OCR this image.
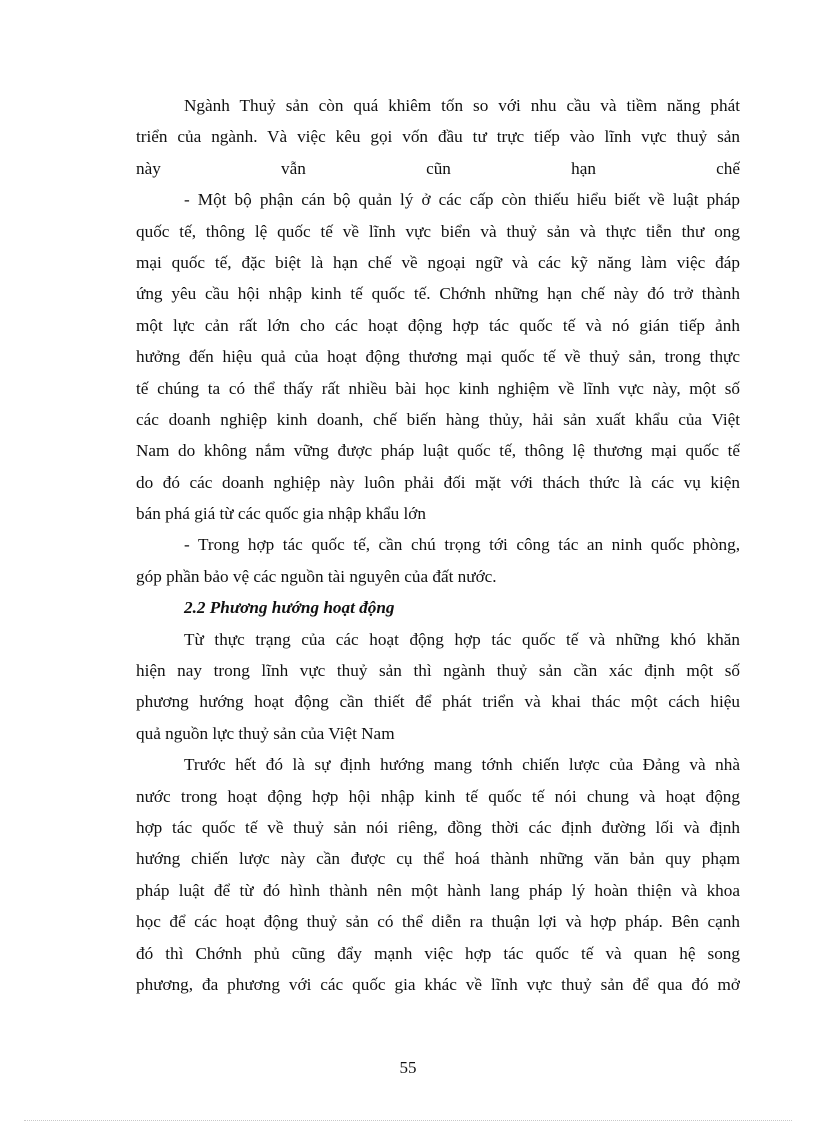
Ngành Thuỷ sản còn quá khiêm tốn so với nhu cầu và tiềm năng phát
triển của ngành. Và việc kêu gọi vốn đầu tư trực tiếp vào lĩnh vực thuỷ sản
này vẫn cũn hạn chế
- Một bộ phận cán bộ quản lý ở các cấp còn thiếu hiểu biết về luật pháp
quốc tế, thông lệ quốc tế về lĩnh vực biển và thuỷ sản và thực tiễn thư ong
mại quốc tế, đặc biệt là hạn chế về ngoại ngữ và các kỹ năng làm việc đáp
ứng yêu cầu hội nhập kinh tế quốc tế. Chớnh những hạn chế này đó trở thành
một lực cản rất lớn cho các hoạt động hợp tác quốc tế và nó gián tiếp ảnh
hưởng đến hiệu quả của hoạt động thương mại quốc tế về thuỷ sản, trong thực
tế chúng ta có thể thấy rất nhiều bài học kinh nghiệm về lĩnh vực này, một số
các doanh nghiệp kinh doanh, chế biến hàng thủy, hải sản xuất khẩu của Việt
Nam do không nắm vững được pháp luật quốc tế, thông lệ thương mại quốc tế
do đó các doanh nghiệp này luôn phải đối mặt với thách thức là các vụ kiện
bán phá giá từ các quốc gia nhập khẩu lớn
- Trong hợp tác quốc tế, cần chú trọng tới công tác an ninh quốc phòng,
góp phần bảo vệ các nguồn tài nguyên của đất nước.
2.2 Phương hướng hoạt động
Từ thực trạng của các hoạt động hợp tác quốc tế và những khó khăn
hiện nay trong lĩnh vực thuỷ sản thì ngành thuỷ sản cần xác định một số
phương hướng hoạt động cần thiết để phát triển và khai thác một cách hiệu
quả nguồn lực thuỷ sản của Việt Nam
Trước hết đó là sự định hướng mang tớnh chiến lược của Đảng và nhà
nước trong hoạt động hợp hội nhập kinh tế quốc tế nói chung và hoạt động
hợp tác quốc tế về thuỷ sản nói riêng, đồng thời các định đường lối và định
hướng chiến lược này cần được cụ thể hoá thành những văn bản quy phạm
pháp luật để từ đó hình thành nên một hành lang pháp lý hoàn thiện và khoa
học để các hoạt động thuỷ sản có thể diễn ra thuận lợi và hợp pháp. Bên cạnh
đó thì Chớnh phủ cũng đẩy mạnh việc hợp tác quốc tế và quan hệ song
phương, đa phương với các quốc gia khác về lĩnh vực thuỷ sản để qua đó mở
55
